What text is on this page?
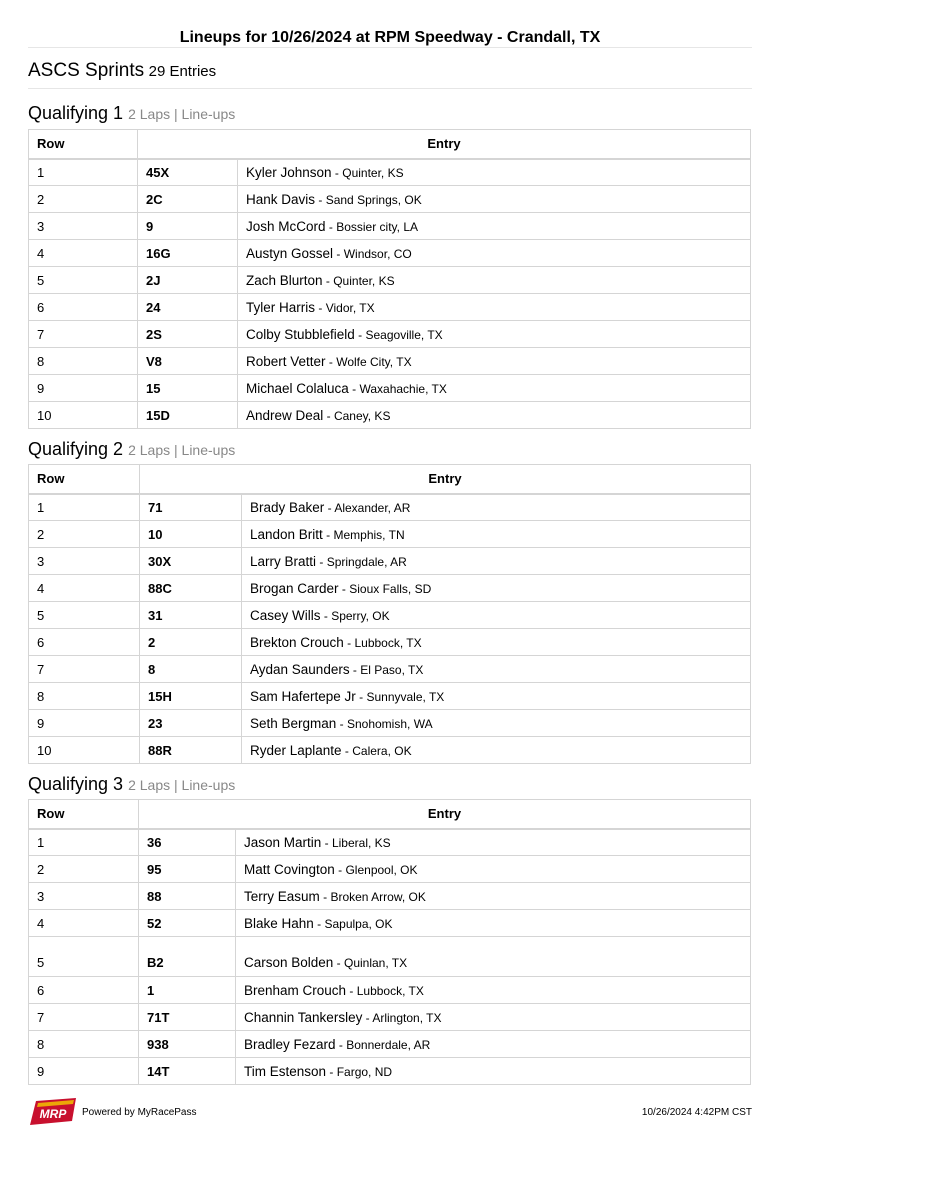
Lineups for 10/26/2024 at RPM Speedway - Crandall, TX
ASCS Sprints 29 Entries
Qualifying 1 2 Laps | Line-ups
Row	Entry	
1	45X	Kyler Johnson - Quinter, KS
2	2C	Hank Davis - Sand Springs, OK
3	9	Josh McCord - Bossier city, LA
4	16G	Austyn Gossel - Windsor, CO
5	2J	Zach Blurton - Quinter, KS
6	24	Tyler Harris - Vidor, TX
7	2S	Colby Stubblefield - Seagoville, TX
8	V8	Robert Vetter - Wolfe City, TX
9	15	Michael Colaluca - Waxahachie, TX
10	15D	Andrew Deal - Caney, KS
Qualifying 2 2 Laps | Line-ups
Row	Entry	
1	71	Brady Baker - Alexander, AR
2	10	Landon Britt - Memphis, TN
3	30X	Larry Bratti - Springdale, AR
4	88C	Brogan Carder - Sioux Falls, SD
5	31	Casey Wills - Sperry, OK
6	2	Brekton Crouch - Lubbock, TX
7	8	Aydan Saunders - El Paso, TX
8	15H	Sam Hafertepe Jr - Sunnyvale, TX
9	23	Seth Bergman - Snohomish, WA
10	88R	Ryder Laplante - Calera, OK
Qualifying 3 2 Laps | Line-ups
Row	Entry	
1	36	Jason Martin - Liberal, KS
2	95	Matt Covington - Glenpool, OK
3	88	Terry Easum - Broken Arrow, OK
4	52	Blake Hahn - Sapulpa, OK
5	B2	Carson Bolden - Quinlan, TX
6	1	Brenham Crouch - Lubbock, TX
7	71T	Channin Tankersley - Arlington, TX
8	938	Bradley Fezard - Bonnerdale, AR
9	14T	Tim Estenson - Fargo, ND
MRP Powered by MyRacePass	10/26/2024 4:42PM CST
